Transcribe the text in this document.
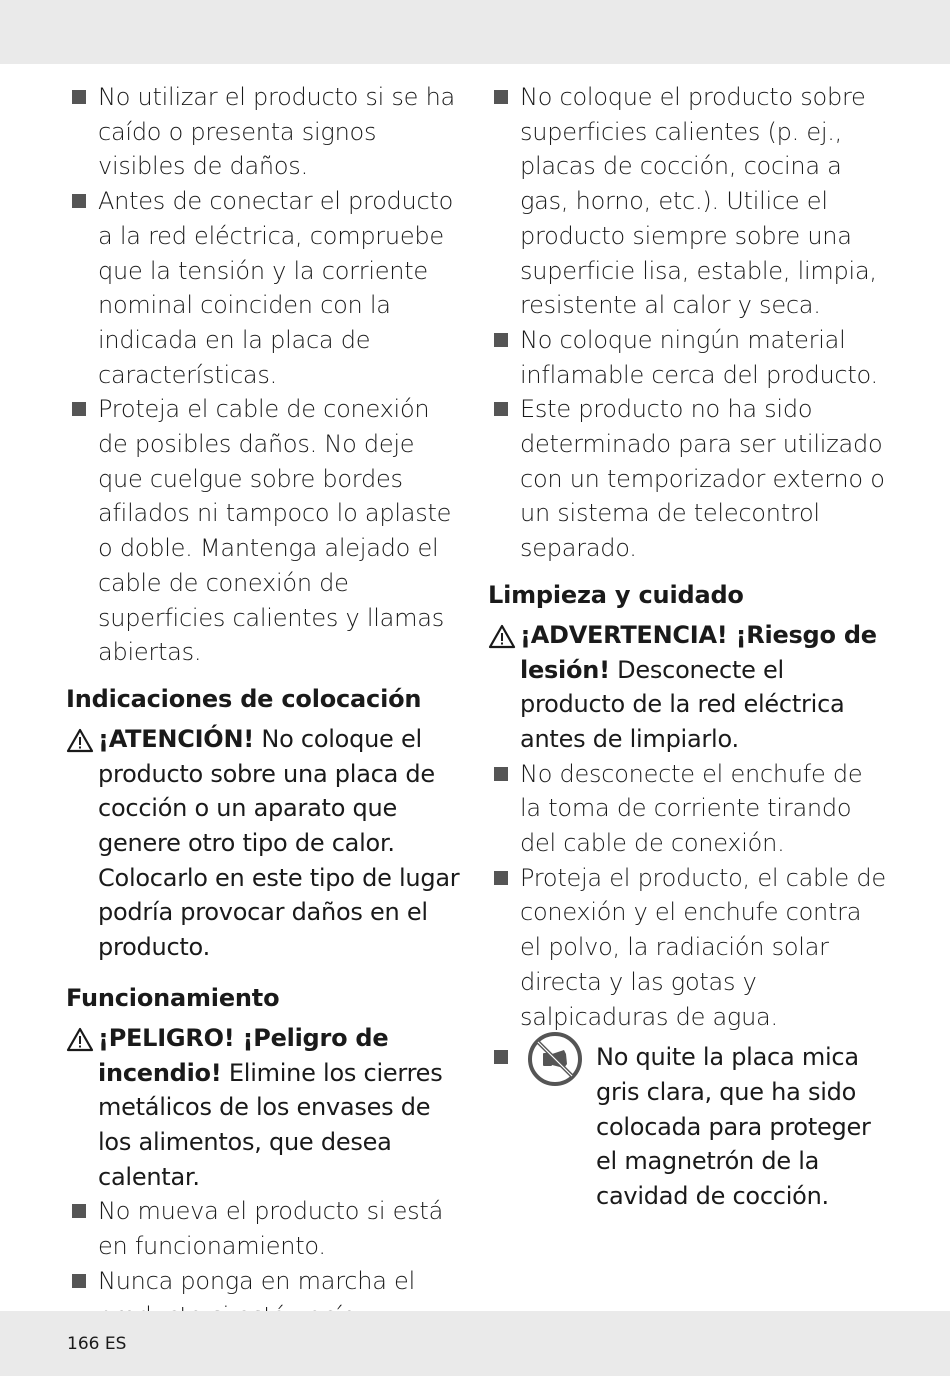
No utilizar el producto si se ha caído o presenta signos visibles de daños.
Antes de conectar el producto a la red eléctrica, compruebe que la tensión y la corriente nominal coinciden con la indicada en la placa de características.
Proteja el cable de conexión de posibles daños. No deje que cuelgue sobre bordes afilados ni tampoco lo aplaste o doble. Mantenga alejado el cable de conexión de superficies calientes y llamas abiertas.
Indicaciones de colocación
¡ATENCIÓN! No coloque el producto sobre una placa de cocción o un aparato que genere otro tipo de calor. Colocarlo en este tipo de lugar podría provocar daños en el producto.
Funcionamiento
¡PELIGRO! ¡Peligro de incendio! Elimine los cierres metálicos de los envases de los alimentos, que desea calentar.
No mueva el producto si está en funcionamiento.
Nunca ponga en marcha el
No coloque el producto sobre superficies calientes (p. ej., placas de cocción, cocina a gas, horno, etc.). Utilice el producto siempre sobre una superficie lisa, estable, limpia, resistente al calor y seca.
No coloque ningún material inflamable cerca del producto.
Este producto no ha sido determinado para ser utilizado con un temporizador externo o un sistema de telecontrol separado.
Limpieza y cuidado
¡ADVERTENCIA! ¡Riesgo de lesión! Desconecte el producto de la red eléctrica antes de limpiarlo.
No desconecte el enchufe de la toma de corriente tirando del cable de conexión.
Proteja el producto, el cable de conexión y el enchufe contra el polvo, la radiación solar directa y las gotas y salpicaduras de agua.
No quite la placa mica gris clara, que ha sido colocada para proteger el magnetrón de la cavidad de cocción.
166 ES
